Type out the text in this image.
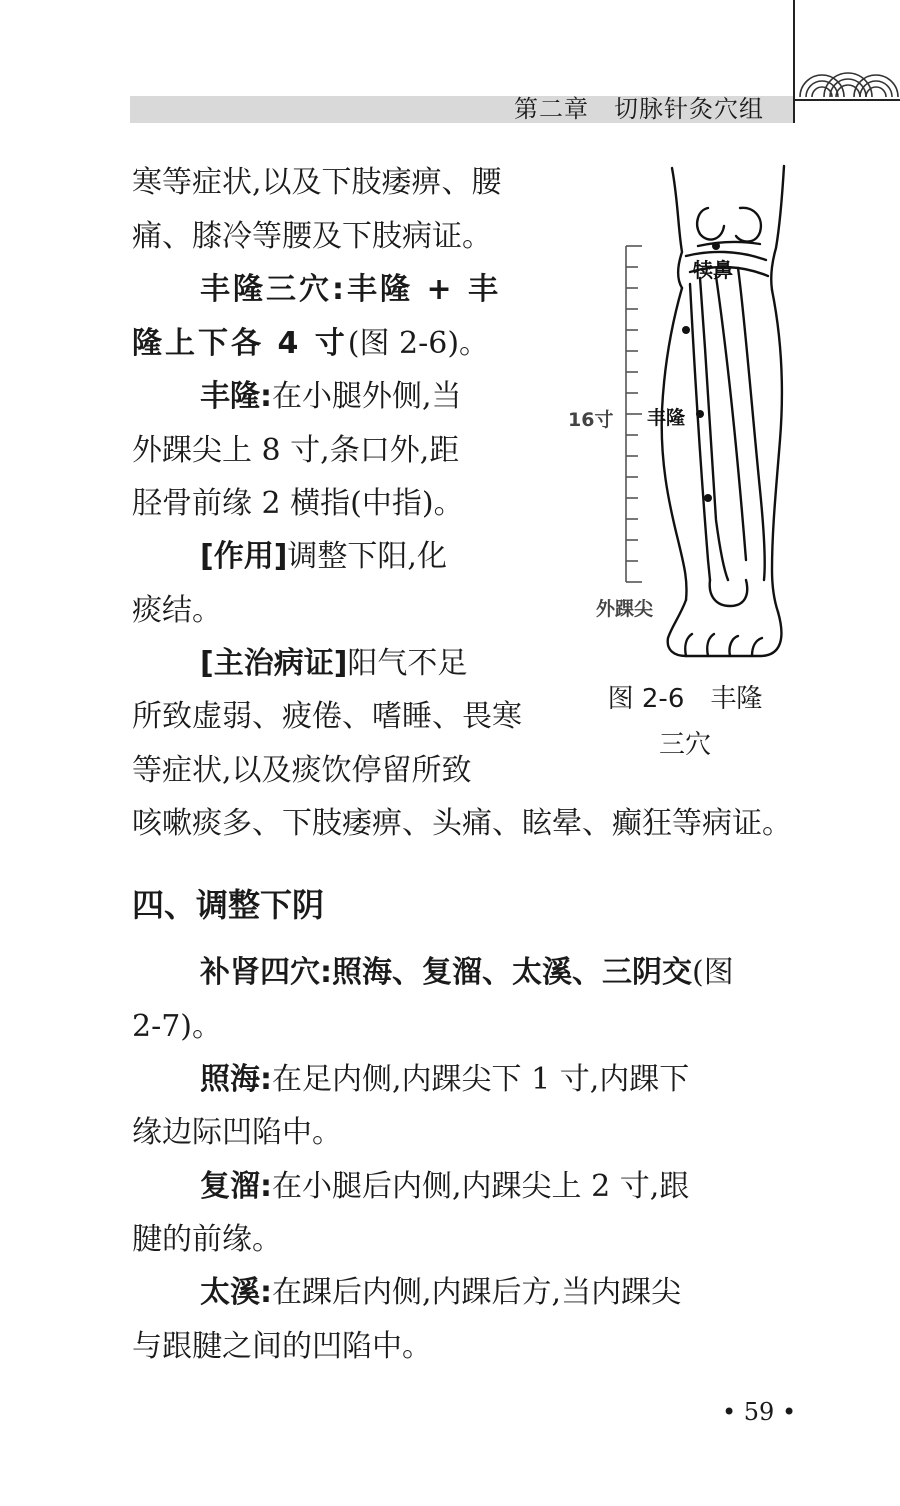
第二章　切脉针灸穴组

寒等症状,以及下肢痿痹、腰

痛、膝冷等腰及下肢病证。

丰隆三穴:丰隆 + 丰

隆上下各 4 寸(图 2-6)。

丰隆:在小腿外侧,当

外踝尖上 8 寸,条口外,距

胫骨前缘 2 横指(中指)。

[作用]调整下阳,化

痰结。

[主治病证]阳气不足

所致虚弱、疲倦、嗜睡、畏寒

等症状,以及痰饮停留所致

咳嗽痰多、下肢痿痹、头痛、眩晕、癫狂等病证。

犊鼻
丰隆
16寸
外踝尖
图 2-6　丰隆
三穴
四、调整下阴

补肾四穴:照海、复溜、太溪、三阴交(图

2-7)。

照海:在足内侧,内踝尖下 1 寸,内踝下

缘边际凹陷中。

复溜:在小腿后内侧,内踝尖上 2 寸,跟

腱的前缘。

太溪:在踝后内侧,内踝后方,当内踝尖

与跟腱之间的凹陷中。

• 59 •
